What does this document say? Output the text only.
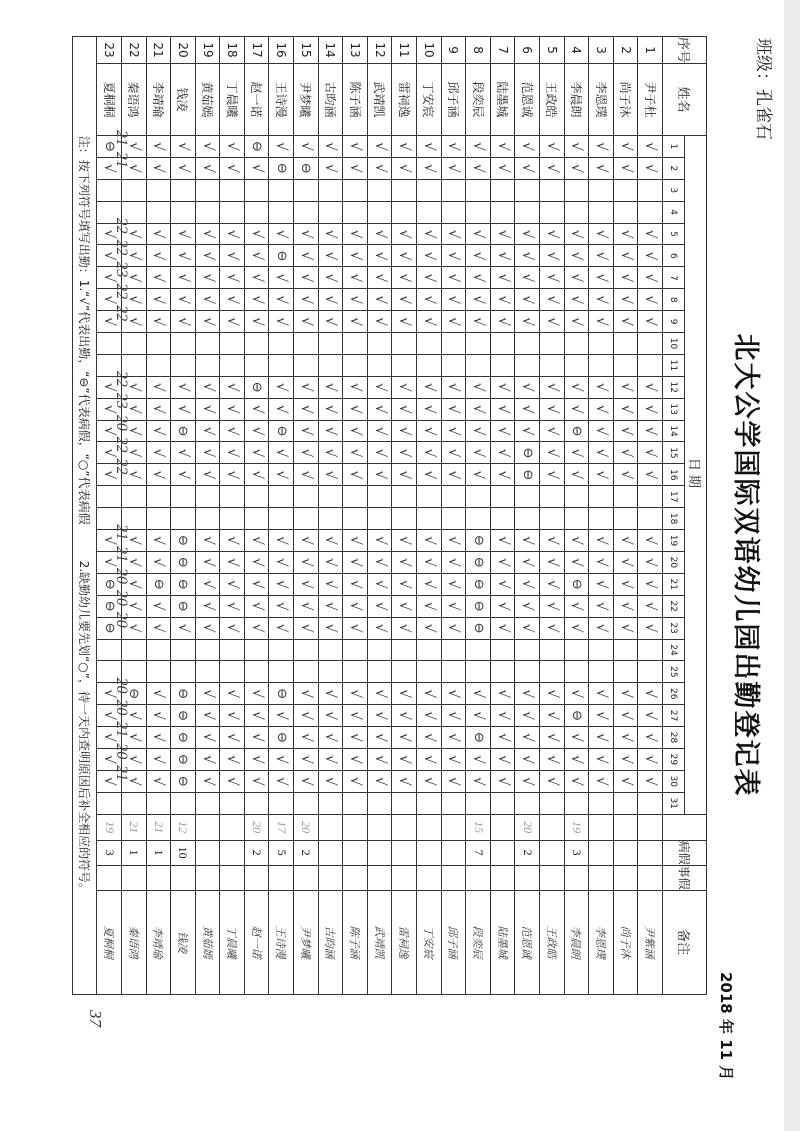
班级：孔雀石
北大公学国际双语幼儿园出勤登记表
2018 年 11 月
序号	姓名	日期																																病假	事假	备注
		1	2	3	4	5	6	7	8	9	10	11	12	13	14	15	16	17	18	19	20	21	22	23	24	25	26	27	28	29	30	31				
1	尹子杜	√	√			√	√	√	√	√			√	√	√	√	√			√	√	√	√	√			√	√	√	√	√					尹紫涵
2	尚子沐	√	√			√	√	√	√	√			√	√	√	√	√			√	√	√	√	√			√	√	√	√	√					尚子沐
3	李恩璞	√	√			√	√	√	√	√			√	√	√	√	√			√	√	√	√	√			√	√	√	√	√					李恩璞
4	李晨朗	√	√			√	√	√	√	√			√	√	⊖	√	√			√	√	⊖	√	√			√	⊖	√	√	√		19	3		李晨朗
5	王政皓	√	√			√	√	√	√	√			√	√	√	√	√			√	√	√	√	√			√	√	√	√	√					王政皓
6	范恩诚	√	√			√	√	√	√	√			√	√	√	⊖	⊖			√	√	√	√	√			√	√	√	√	√		20	2		范恩诚
7	陆墨城	√	√			√	√	√	√	√			√	√	√	√	√			√	√	√	√	√			√	√	√	√	√					陆墨城
8	段奕辰	√	√			√	√	√	√	√			√	√	√	√	√			⊖	⊖	⊖	⊖	⊖			√	√	⊖	√	√		15	7		段奕辰
9	邱子涵	√	√			√	√	√	√	√			√	√	√	√	√			√	√	√	√	√			√	√	√	√	√					邱子涵
10	丁安宸	√	√			√	√	√	√	√			√	√	√	√	√			√	√	√	√	√			√	√	√	√	√					丁安宸
11	雷祠逸	√	√			√	√	√	√	√			√	√	√	√	√			√	√	√	√	√			√	√	√	√	√					雷祠逸
12	武靖凯	√	√			√	√	√	√	√			√	√	√	√	√			√	√	√	√	√			√	√	√	√	√					武靖凯
13	陈子涵	√	√			√	√	√	√	√			√	√	√	√	√			√	√	√	√	√			√	√	√	√	√					陈子涵
14	古昀涵	√	√			√	√	√	√	√			√	√	√	√	√			√	√	√	√	√			√	√	√	√	√					古昀涵
15	尹梦曦	√	⊖			√	√	√	√	√			√	√	√	√	√			√	√	√	√	√			√	√	√	√	√		20	2		尹梦曦
16	王诗漫	√	⊖			√	⊖	√	√	√			√	√	⊖	√	√			√	√	√	√	√			⊖	√	⊖	√	√		17	5		王诗漫
17	赵一诺	⊖	√			√	√	√	√	√			⊖	√	√	√	√			√	√	√	√	√			√	√	√	√	√		20	2		赵一诺
18	丁晨曦	√	√			√	√	√	√	√			√	√	√	√	√			√	√	√	√	√			√	√	√	√	√					丁晨曦
19	黄茹嫣	√	√			√	√	√	√	√			√	√	√	√	√			√	√	√	√	√			√	√	√	√	√					黄茹嫣
20	钱凌	√	√			√	√	√	√	√			√	√	⊖	√	√			⊖	⊖	⊖	⊖	√			⊖	⊖	⊖	⊖	⊖		12	10		钱凌
21	李靖瑜	√	√			√	√	√	√	√			√	√	√	√	√			√	√	⊖	√	√			√	√	√	√	√		21	1		李靖瑜
22	秦语鸿	√	√			√	√	√	√	√			√	√	√	√	√			√	√	√	√	√			⊖	√	√	√	√		21	1		秦语鸿
23	夏桐桐	⊖	√			√	√	√	√	√			√	√	√	√	√			√	√	⊖	⊖	⊖			√	√	√	√	√		19	3		夏桐桐
注：按下列符号填写出勤：1.“√”代表出勤，“⊖”代表病假，“○”代表病假　　　2.缺勤幼儿要先划“○”，待一天内查明原因后补全相应的符号。																																				21
21
22
22
23
22
22
22
23
20
22
22
21
21
20
20
20
20
20
21
20
21
37
